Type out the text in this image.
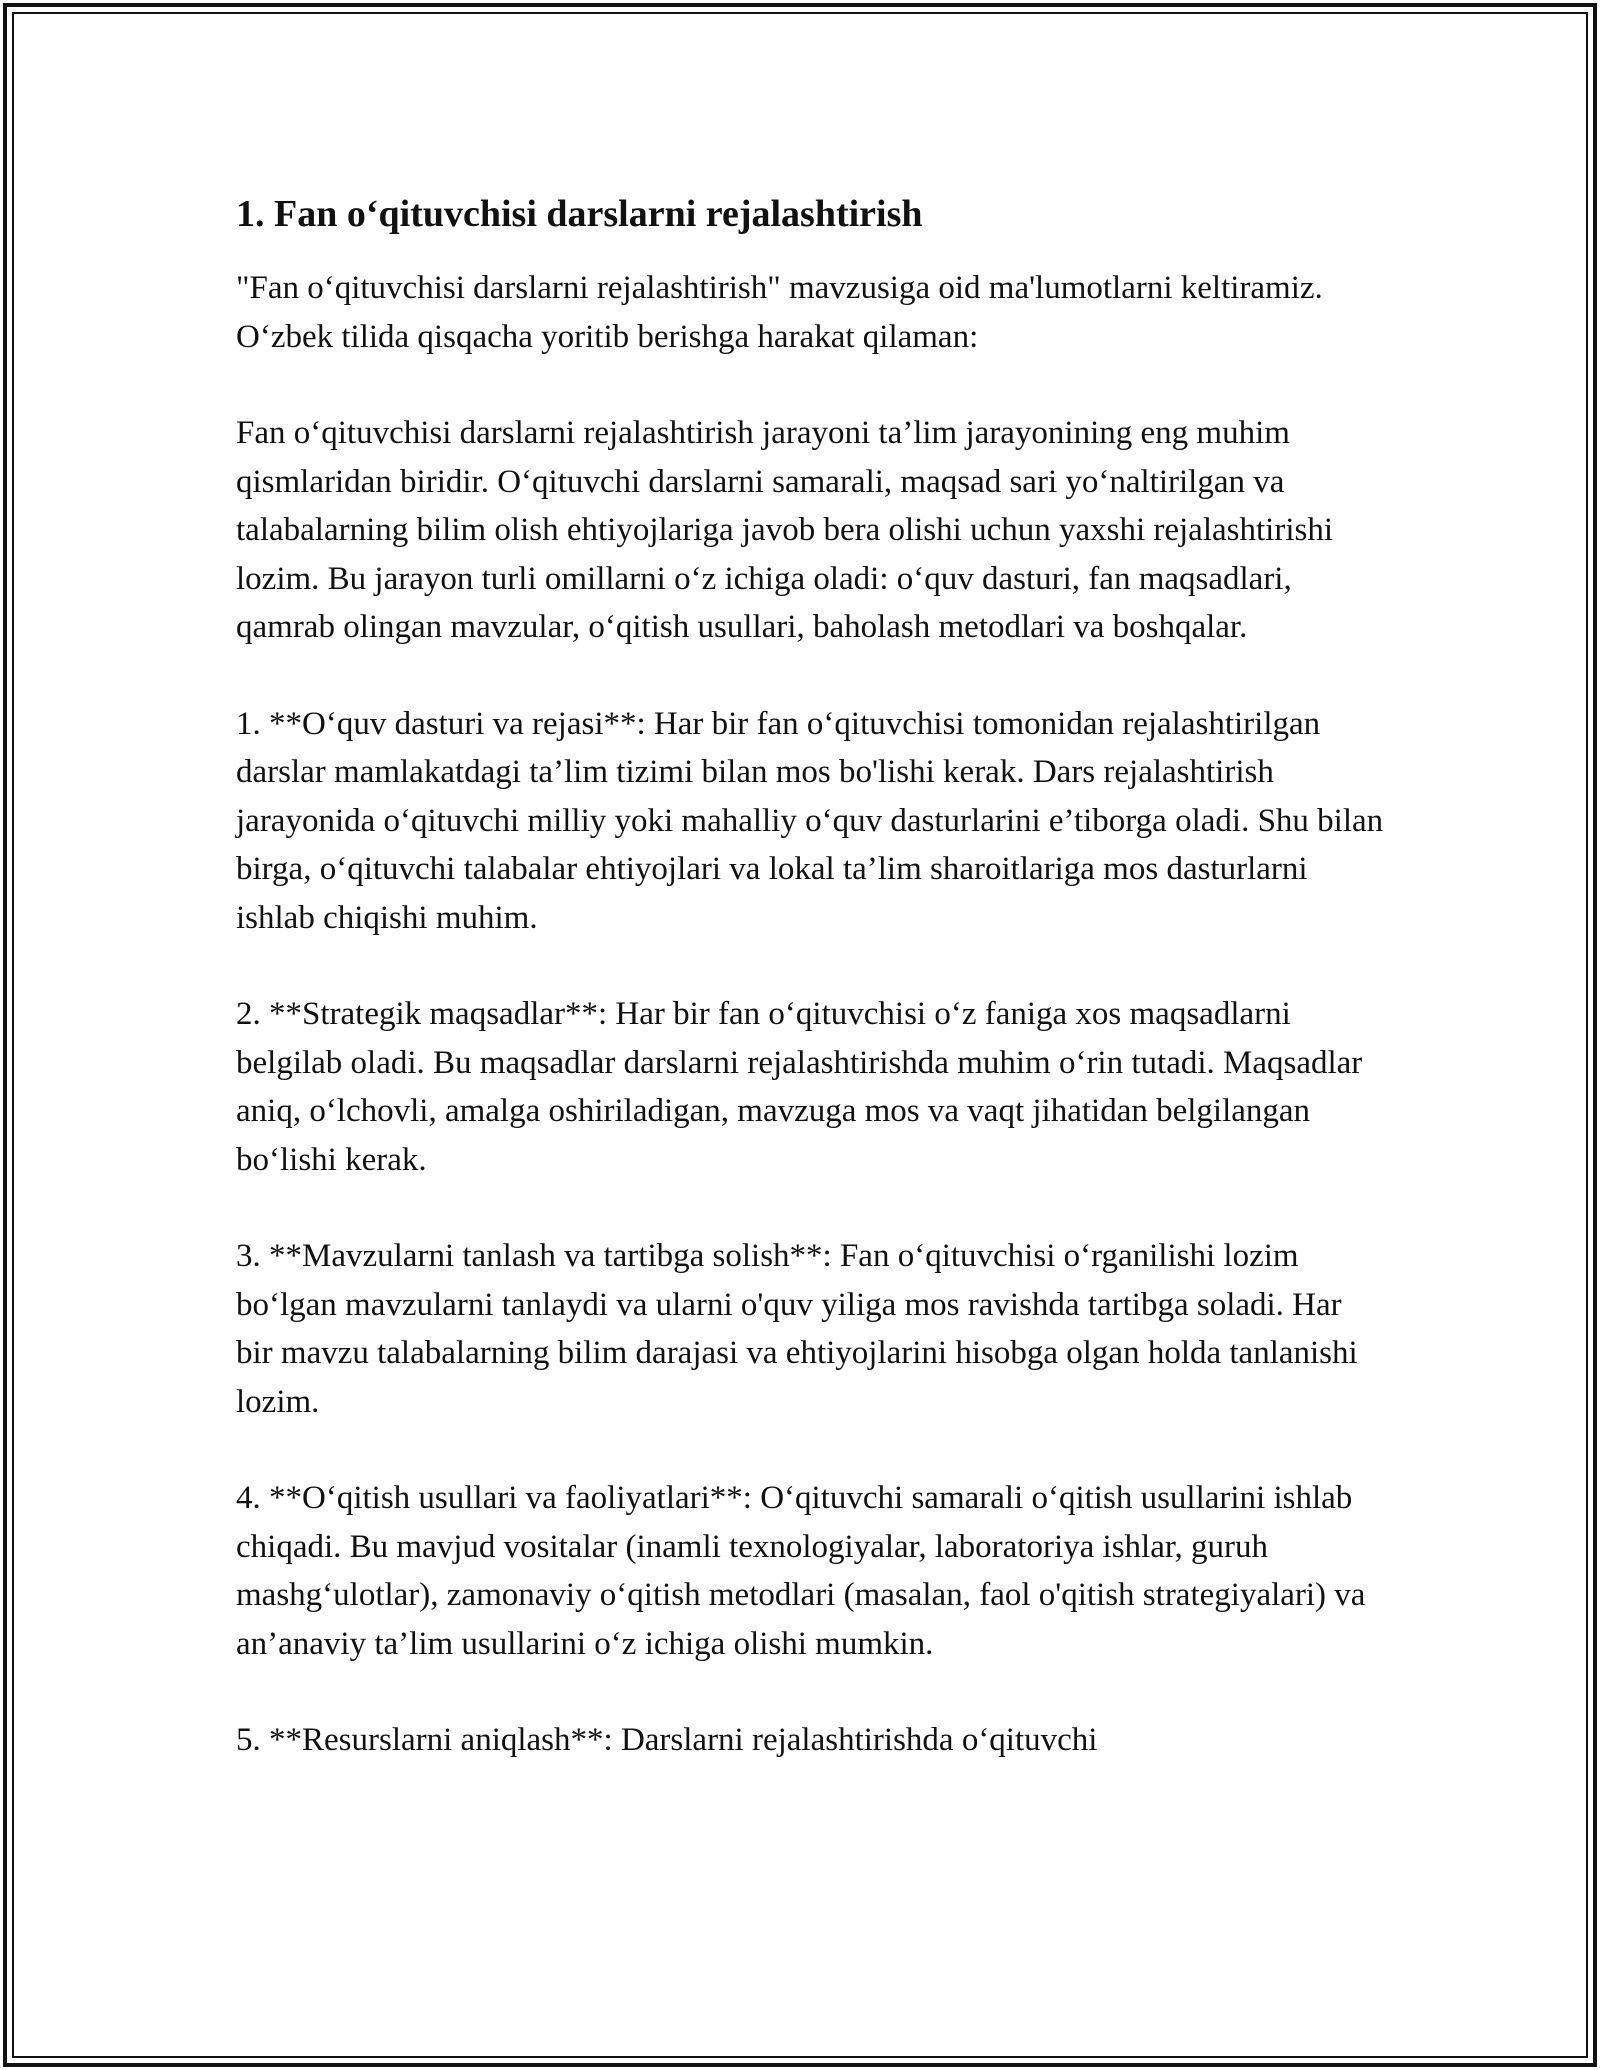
1. Fan o‘qituvchisi darslarni rejalashtirish

"Fan o‘qituvchisi darslarni rejalashtirish" mavzusiga oid ma'lumotlarni keltiramiz. O‘zbek tilida qisqacha yoritib berishga harakat qilaman:

Fan o‘qituvchisi darslarni rejalashtirish jarayoni ta’lim jarayonining eng muhim qismlaridan biridir. O‘qituvchi darslarni samarali, maqsad sari yo‘naltirilgan va talabalarning bilim olish ehtiyojlariga javob bera olishi uchun yaxshi rejalashtirishi lozim. Bu jarayon turli omillarni o‘z ichiga oladi: o‘quv dasturi, fan maqsadlari, qamrab olingan mavzular, o‘qitish usullari, baholash metodlari va boshqalar.

1. **O‘quv dasturi va rejasi**: Har bir fan o‘qituvchisi tomonidan rejalashtirilgan darslar mamlakatdagi ta’lim tizimi bilan mos bo'lishi kerak. Dars rejalashtirish jarayonida o‘qituvchi milliy yoki mahalliy o‘quv dasturlarini e’tiborga oladi. Shu bilan birga, o‘qituvchi talabalar ehtiyojlari va lokal ta’lim sharoitlariga mos dasturlarni ishlab chiqishi muhim.

2. **Strategik maqsadlar**: Har bir fan o‘qituvchisi o‘z faniga xos maqsadlarni belgilab oladi. Bu maqsadlar darslarni rejalashtirishda muhim o‘rin tutadi. Maqsadlar aniq, o‘lchovli, amalga oshiriladigan, mavzuga mos va vaqt jihatidan belgilangan bo‘lishi kerak.

3. **Mavzularni tanlash va tartibga solish**: Fan o‘qituvchisi o‘rganilishi lozim bo‘lgan mavzularni tanlaydi va ularni o'quv yiliga mos ravishda tartibga soladi. Har bir mavzu talabalarning bilim darajasi va ehtiyojlarini hisobga olgan holda tanlanishi lozim.

4. **O‘qitish usullari va faoliyatlari**: O‘qituvchi samarali o‘qitish usullarini ishlab chiqadi. Bu mavjud vositalar (inamli texnologiyalar, laboratoriya ishlar, guruh mashg‘ulotlar), zamonaviy o‘qitish metodlari (masalan, faol o'qitish strategiyalari) va an’anaviy ta’lim usullarini o‘z ichiga olishi mumkin.

5. **Resurslarni aniqlash**: Darslarni rejalashtirishda o‘qituvchi
